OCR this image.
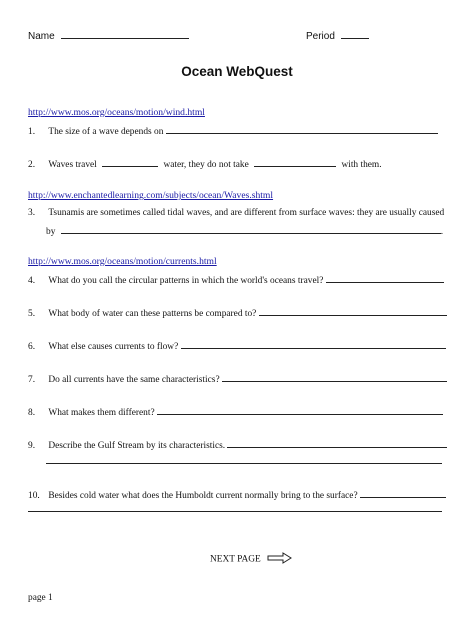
Name	Period
Ocean WebQuest
http://www.mos.org/oceans/motion/wind.html
1. The size of a wave depends on
2. Waves travel	water, they do not take	with them.
http://www.enchantedlearning.com/subjects/ocean/Waves.shtml
3. Tsunamis are sometimes called tidal waves, and are different from surface waves: they are usually caused
by	.
http://www.mos.org/oceans/motion/currents.html
4. What do you call the circular patterns in which the world's oceans travel?
5. What body of water can these patterns be compared to?
6. What else causes currents to flow?
7. Do all currents have the same characteristics?
8. What makes them different?
9. Describe the Gulf Stream by its characteristics.
10. Besides cold water what does the Humboldt current normally bring to the surface?
NEXT PAGE
page 1
